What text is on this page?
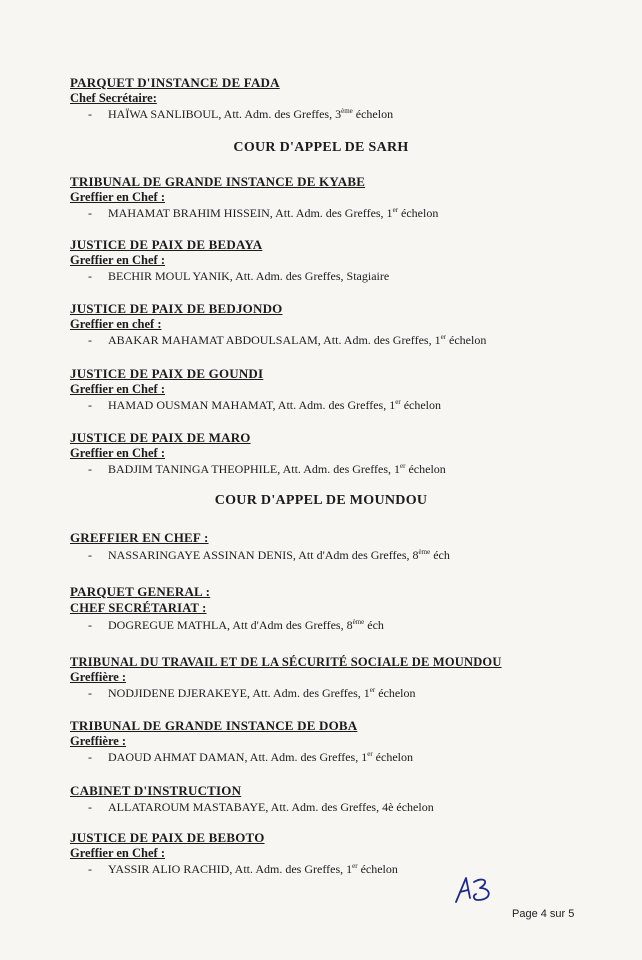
PARQUET D'INSTANCE DE FADA
Chef Secrétaire:
- HAÏWA SANLIBOUL, Att. Adm. des Greffes, 3ème échelon
COUR D'APPEL DE SARH
TRIBUNAL DE GRANDE INSTANCE DE KYABE
Greffier en Chef :
- MAHAMAT BRAHIM HISSEIN, Att. Adm. des Greffes, 1er échelon
JUSTICE DE PAIX DE BEDAYA
Greffier en Chef :
- BECHIR MOUL YANIK, Att. Adm. des Greffes, Stagiaire
JUSTICE DE PAIX DE BEDJONDO
Greffier en chef :
- ABAKAR MAHAMAT ABDOULSALAM, Att. Adm. des Greffes, 1er échelon
JUSTICE DE PAIX DE GOUNDI
Greffier en Chef :
- HAMAD OUSMAN MAHAMAT, Att. Adm. des Greffes, 1er échelon
JUSTICE DE PAIX DE MARO
Greffier en Chef :
- BADJIM TANINGA THEOPHILE, Att. Adm. des Greffes, 1er échelon
COUR D'APPEL DE MOUNDOU
GREFFIER EN CHEF :
- NASSARINGAYE ASSINAN DENIS, Att d'Adm des Greffes, 8ème éch
PARQUET GENERAL :
CHEF SECRÉTARIAT :
- DOGREGUE MATHLA, Att d'Adm des Greffes, 8ème éch
TRIBUNAL DU TRAVAIL ET DE LA SÉCURITÉ SOCIALE DE MOUNDOU
Greffière :
- NODJIDENE DJERAKEYE, Att. Adm. des Greffes, 1er échelon
TRIBUNAL DE GRANDE INSTANCE DE DOBA
Greffière :
- DAOUD AHMAT DAMAN, Att. Adm. des Greffes, 1er échelon
CABINET D'INSTRUCTION
- ALLATAROUM MASTABAYE, Att. Adm. des Greffes, 4è échelon
JUSTICE DE PAIX DE BEBOTO
Greffier en Chef :
- YASSIR ALIO RACHID, Att. Adm. des Greffes, 1er échelon
Page 4 sur 5
